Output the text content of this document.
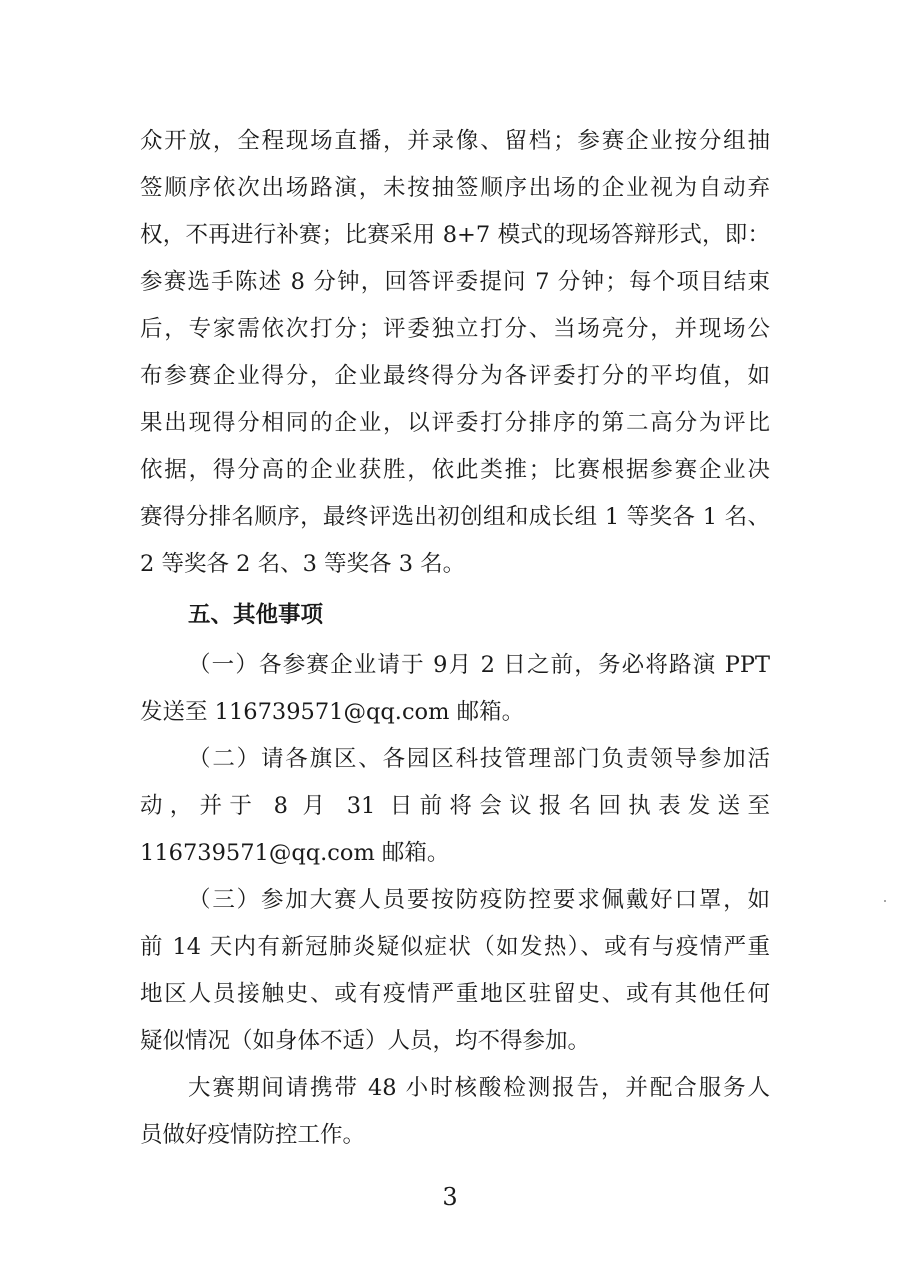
众开放，全程现场直播，并录像、留档；参赛企业按分组抽
签顺序依次出场路演，未按抽签顺序出场的企业视为自动弃
权，不再进行补赛；比赛采用 8+7 模式的现场答辩形式，即：
参赛选手陈述 8 分钟，回答评委提问 7 分钟；每个项目结束
后，专家需依次打分；评委独立打分、当场亮分，并现场公
布参赛企业得分，企业最终得分为各评委打分的平均值，如
果出现得分相同的企业，以评委打分排序的第二高分为评比
依据，得分高的企业获胜，依此类推；比赛根据参赛企业决
赛得分排名顺序，最终评选出初创组和成长组 1 等奖各 1 名、
2 等奖各 2 名、3 等奖各 3 名。
五、其他事项
（一）各参赛企业请于 9月 2 日之前，务必将路演 PPT
发送至 116739571@qq.com 邮箱。
（二）请各旗区、各园区科技管理部门负责领导参加活
动，并于 8 月 31 日前将会议报名回执表发送至
116739571@qq.com 邮箱。
（三）参加大赛人员要按防疫防控要求佩戴好口罩，如
前 14 天内有新冠肺炎疑似症状（如发热）、或有与疫情严重
地区人员接触史、或有疫情严重地区驻留史、或有其他任何
疑似情况（如身体不适）人员，均不得参加。
大赛期间请携带 48 小时核酸检测报告，并配合服务人
员做好疫情防控工作。
3
